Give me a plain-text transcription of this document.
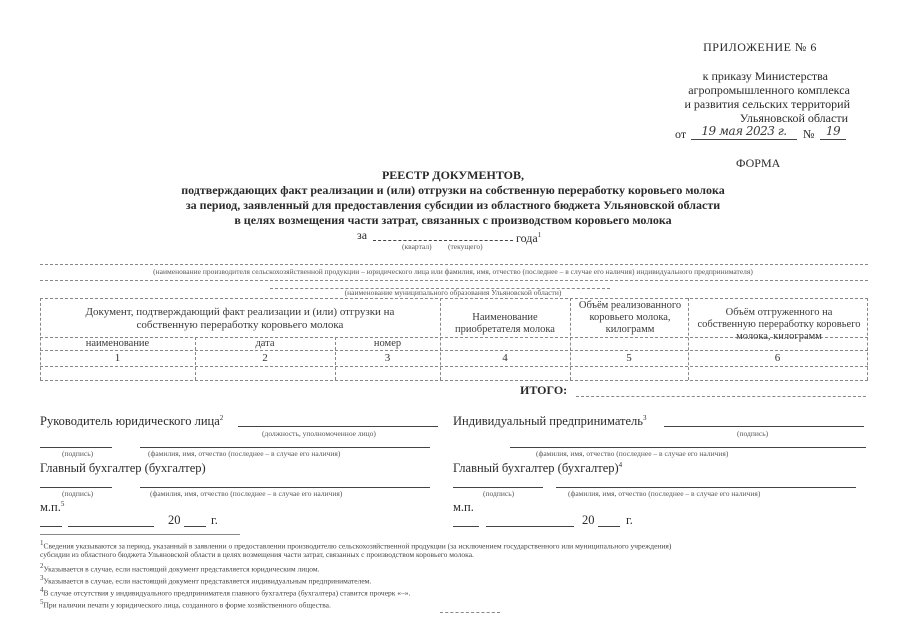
ПРИЛОЖЕНИЕ № 6
к приказу Министерства
агропромышленного комплекса
и развития сельских территорий
Ульяновской области
от	19 мая 2023 г.	№ 19
ФОРМА
РЕЕСТР ДОКУМЕНТОВ,
подтверждающих факт реализации и (или) отгрузки на собственную переработку коровьего молока
за период, заявленный для предоставления субсидии из областного бюджета Ульяновской области
в целях возмещения части затрат, связанных с производством коровьего молока
за	года$^1$
(квартал) (текущего)
(наименование производителя сельскохозяйственной продукции – юридического лица или фамилия, имя, отчество (последнее – в случае его наличия) индивидуального предпринимателя)
(наименование муниципального образования Ульяновской области)
Документ, подтверждающий факт реализации и (или) отгрузки на собственную переработку коровьего молока
наименование	дата	номер
Наименование приобретателя молока
Объём реализованного коровьего молока, килограмм
Объём отгруженного на собственную переработку коровьего молока, килограмм
1	2	3	4	5	6
ИТОГО:
Руководитель юридического лица$^2$
(должность, уполномоченное лицо)
(подпись)	(фамилия, имя, отчество (последнее – в случае его наличия)
Главный бухгалтер (бухгалтер)
(подпись)	(фамилия, имя, отчество (последнее – в случае его наличия)
м.п.$^5$
20 г.
Индивидуальный предприниматель$^3$
(подпись)
(фамилия, имя, отчество (последнее – в случае его наличия)
Главный бухгалтер (бухгалтер)$^4$
(подпись)	(фамилия, имя, отчество (последнее – в случае его наличия)
м.п.
20	г.
1Сведения указываются за период, указанный в заявлении о предоставлении производителю сельскохозяйственной продукции (за исключением государственного или муниципального учреждения)
субсидии из областного бюджета Ульяновской области в целях возмещения части затрат, связанных с производством коровьего молока.
2Указывается в случае, если настоящий документ представляется юридическим лицом.
3Указывается в случае, если настоящий документ представляется индивидуальным предпринимателем.
4В случае отсутствия у индивидуального предпринимателя главного бухгалтера (бухгалтера) ставится прочерк «–».
5При наличии печати у юридического лица, созданного в форме хозяйственного общества.
